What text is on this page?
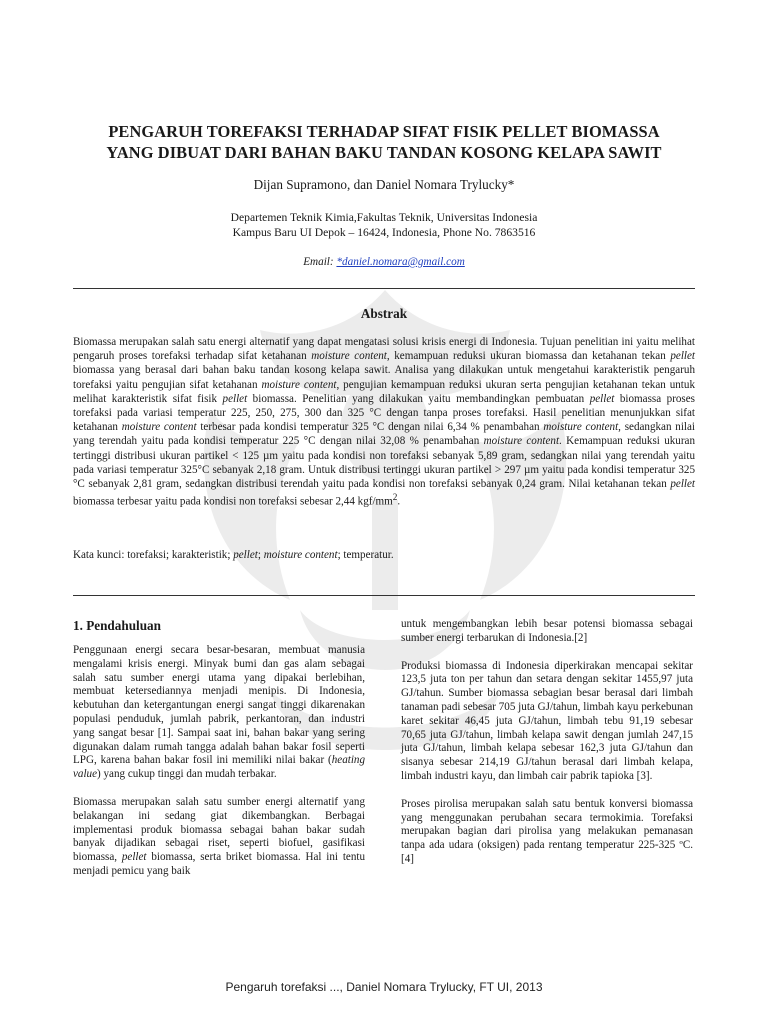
PENGARUH TOREFAKSI TERHADAP SIFAT FISIK PELLET BIOMASSA
YANG DIBUAT DARI BAHAN BAKU TANDAN KOSONG KELAPA SAWIT
Dijan Supramono, dan Daniel Nomara Trylucky*
Departemen Teknik Kimia,Fakultas Teknik, Universitas Indonesia
Kampus Baru UI Depok – 16424, Indonesia, Phone No. 7863516
Email: *daniel.nomara@gmail.com
Abstrak

Biomassa merupakan salah satu energi alternatif yang dapat mengatasi solusi krisis energi di Indonesia. Tujuan penelitian ini yaitu melihat pengaruh proses torefaksi terhadap sifat ketahanan moisture content, kemampuan reduksi ukuran biomassa dan ketahanan tekan pellet biomassa yang berasal dari bahan baku tandan kosong kelapa sawit. Analisa yang dilakukan untuk mengetahui karakteristik pengaruh torefaksi yaitu pengujian sifat ketahanan moisture content, pengujian kemampuan reduksi ukuran serta pengujian ketahanan tekan untuk melihat karakteristik sifat fisik pellet biomassa. Penelitian yang dilakukan yaitu membandingkan pembuatan pellet biomassa proses torefaksi pada variasi temperatur 225, 250, 275, 300 dan 325 °C dengan tanpa proses torefaksi. Hasil penelitian menunjukkan sifat ketahanan moisture content terbesar pada kondisi temperatur 325 °C dengan nilai 6,34 % penambahan moisture content, sedangkan nilai yang terendah yaitu pada kondisi temperatur 225 °C dengan nilai 32,08 % penambahan moisture content. Kemampuan reduksi ukuran tertinggi distribusi ukuran partikel < 125 µm yaitu pada kondisi non torefaksi sebanyak 5,89 gram, sedangkan nilai yang terendah yaitu pada variasi temperatur 325°C sebanyak 2,18 gram. Untuk distribusi tertinggi ukuran partikel > 297 µm yaitu pada kondisi temperatur 325 °C sebanyak 2,81 gram, sedangkan distribusi terendah yaitu pada kondisi non torefaksi sebanyak 0,24 gram. Nilai ketahanan tekan pellet biomassa terbesar yaitu pada kondisi non torefaksi sebesar 2,44 kgf/$mm^2$.

Kata kunci: torefaksi; karakteristik; pellet; moisture content; temperatur.

1. Pendahuluan

Penggunaan energi secara besar-besaran, membuat manusia mengalami krisis energi. Minyak bumi dan gas alam sebagai salah satu sumber energi utama yang dipakai berlebihan, membuat ketersediannya menjadi menipis. Di Indonesia, kebutuhan dan ketergantungan energi sangat tinggi dikarenakan populasi penduduk, jumlah pabrik, perkantoran, dan industri yang sangat besar [1]. Sampai saat ini, bahan bakar yang sering digunakan dalam rumah tangga adalah bahan bakar fosil seperti LPG, karena bahan bakar fosil ini memiliki nilai bakar (heating value) yang cukup tinggi dan mudah terbakar.

Biomassa merupakan salah satu sumber energi alternatif yang belakangan ini sedang giat dikembangkan. Berbagai implementasi produk biomassa sebagai bahan bakar sudah banyak dijadikan sebagai riset, seperti biofuel, gasifikasi biomassa, pellet biomassa, serta briket biomassa. Hal ini tentu menjadi pemicu yang baik

untuk mengembangkan lebih besar potensi biomassa sebagai sumber energi terbarukan di Indonesia.[2]

Produksi biomassa di Indonesia diperkirakan mencapai sekitar 123,5 juta ton per tahun dan setara dengan sekitar 1455,97 juta GJ/tahun. Sumber biomassa sebagian besar berasal dari limbah tanaman padi sebesar 705 juta GJ/tahun, limbah kayu perkebunan karet sekitar 46,45 juta GJ/tahun, limbah tebu 91,19 sebesar 70,65 juta GJ/tahun, limbah kelapa sawit dengan jumlah 247,15 juta GJ/tahun, limbah kelapa sebesar 162,3 juta GJ/tahun dan sisanya sebesar 214,19 GJ/tahun berasal dari limbah kelapa, limbah industri kayu, dan limbah cair pabrik tapioka [3].

Proses pirolisa merupakan salah satu bentuk konversi biomassa yang menggunakan perubahan secara termokimia. Torefaksi merupakan bagian dari pirolisa yang melakukan pemanasan tanpa ada udara (oksigen) pada rentang temperatur 225-325 ºC.[4]

Pengaruh torefaksi ..., Daniel Nomara Trylucky, FT UI, 2013
